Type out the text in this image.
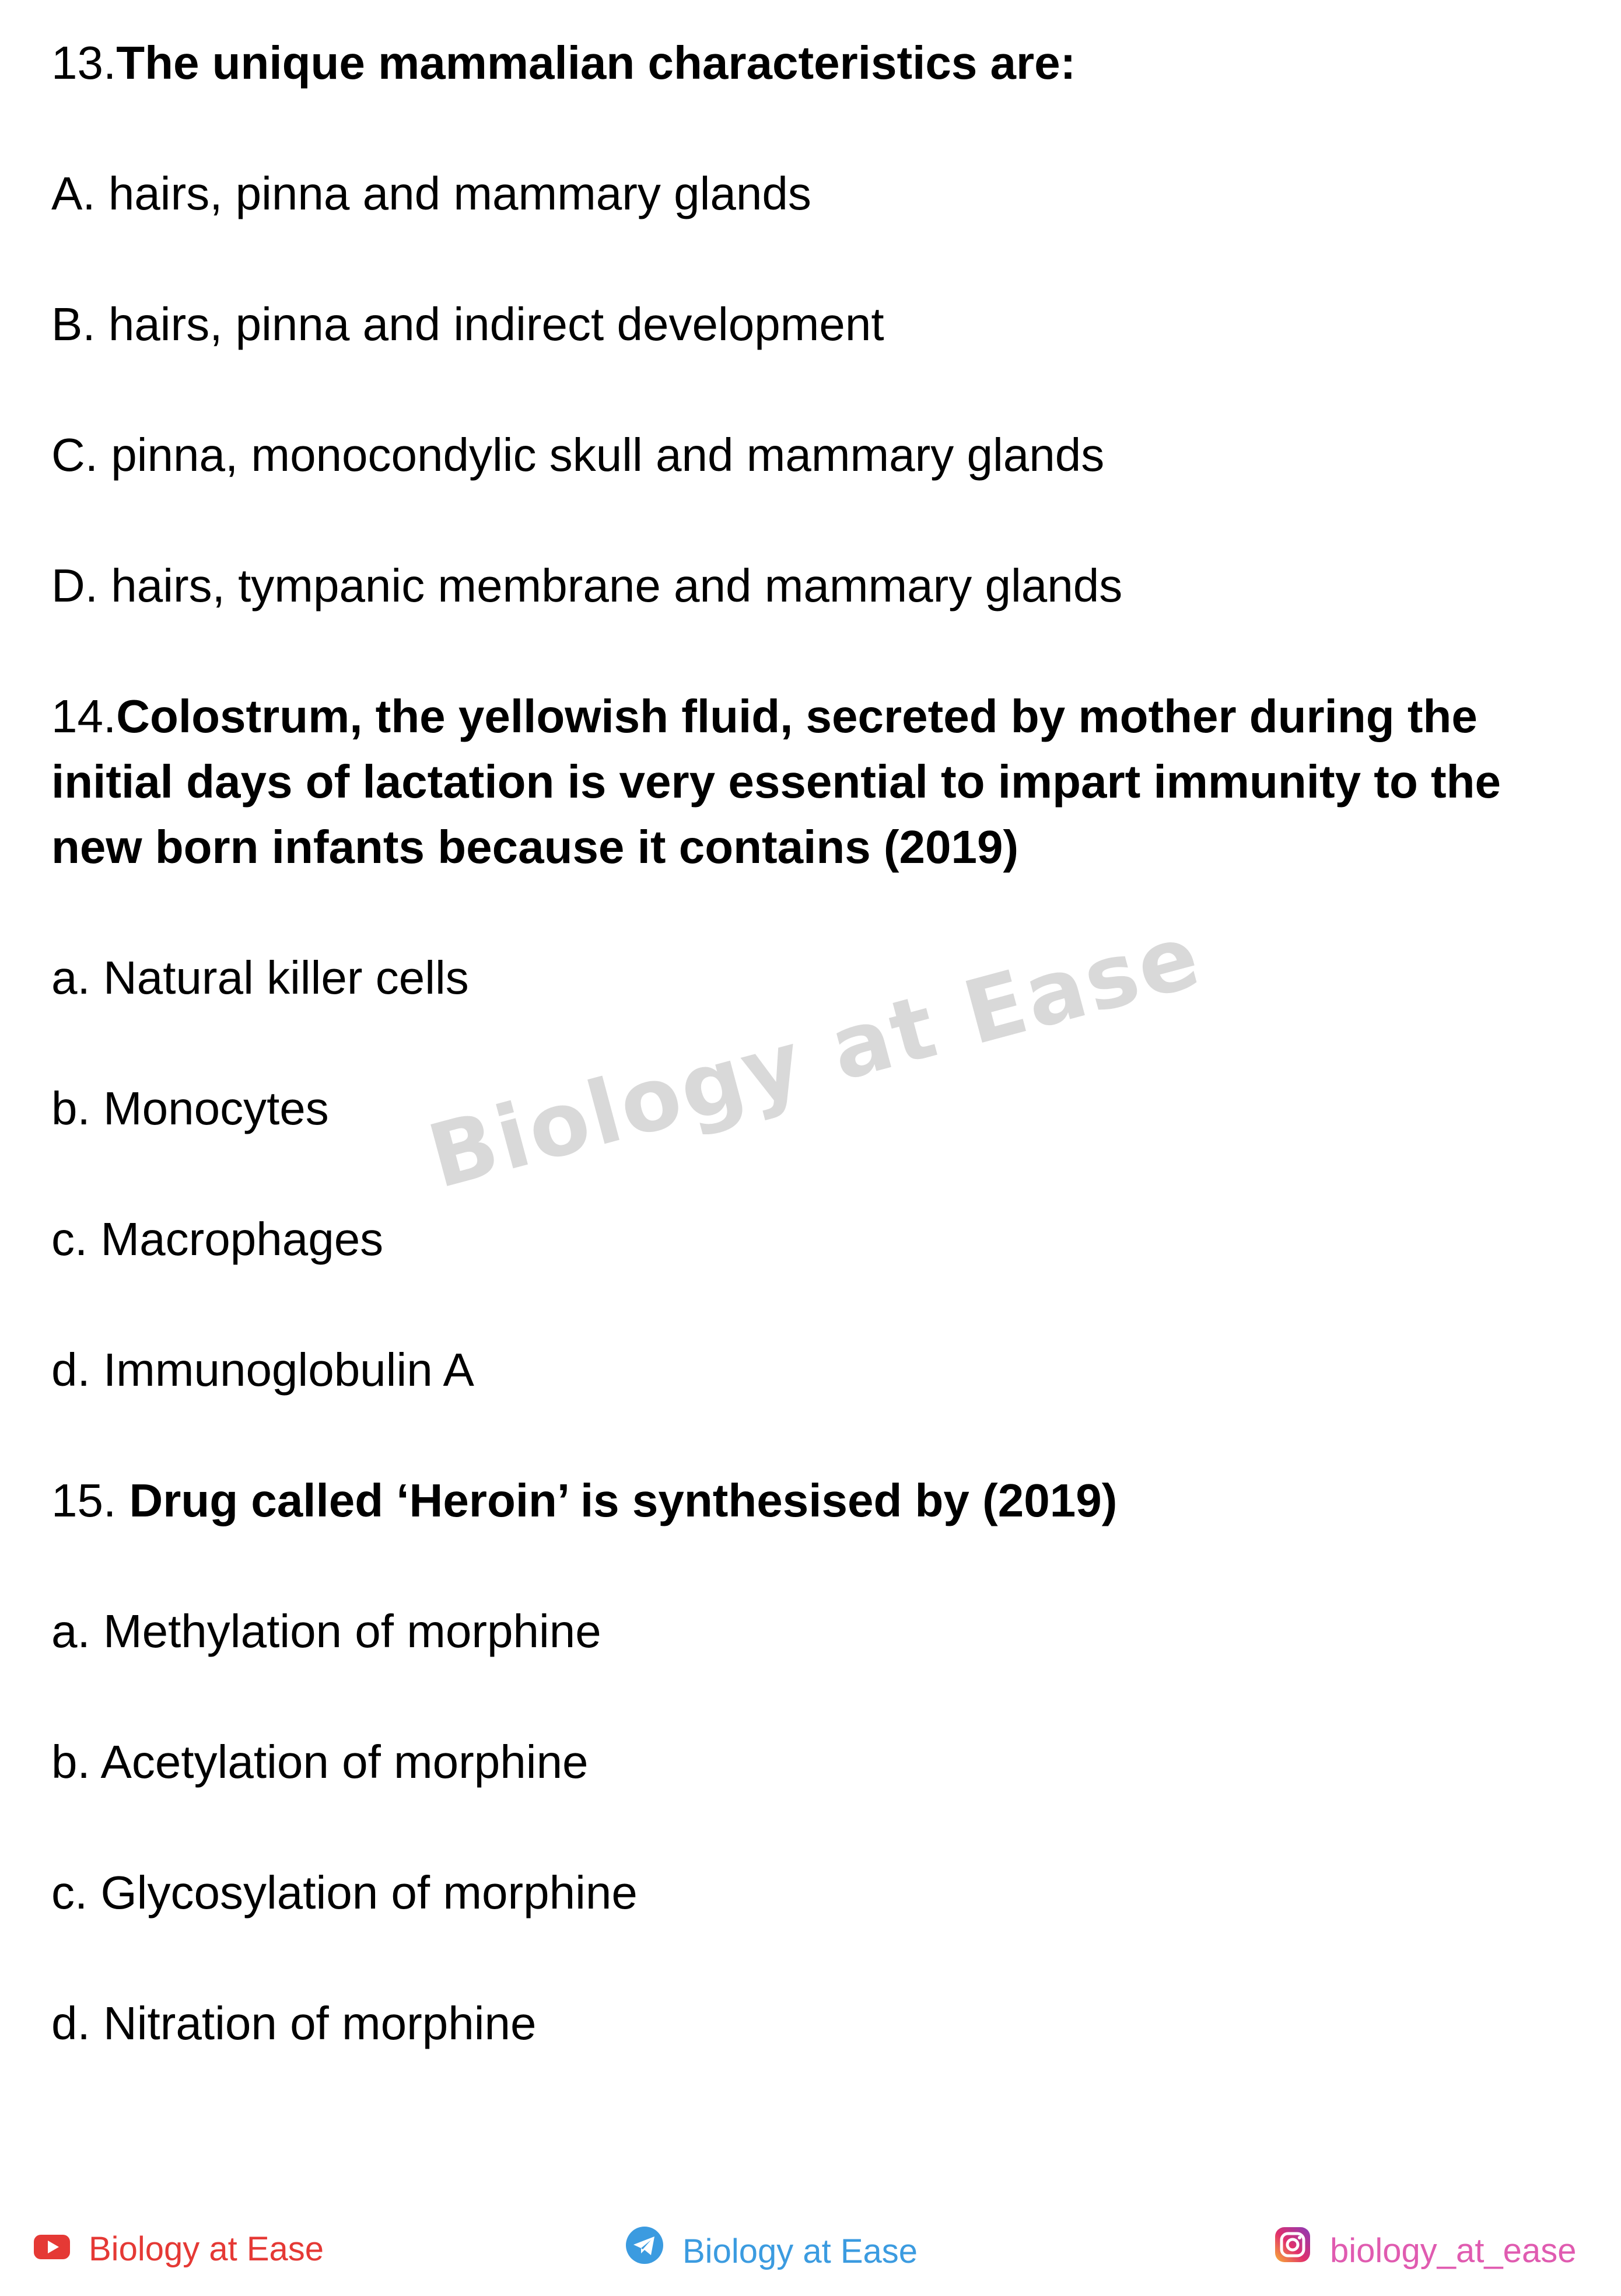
13.The unique mammalian characteristics are:
A. hairs, pinna and mammary glands
B. hairs, pinna and indirect development
C. pinna, monocondylic skull and mammary glands
D. hairs, tympanic membrane and mammary glands
14.Colostrum, the yellowish fluid, secreted by mother during the initial days of lactation is very essential to impart immunity to the new born infants because it contains (2019)
a. Natural killer cells
b. Monocytes
c. Macrophages
d. Immunoglobulin A
15. Drug called ‘Heroin’ is synthesised by (2019)
a. Methylation of morphine
b. Acetylation of morphine
c. Glycosylation of morphine
d. Nitration of morphine
Biology at Ease
Biology at Ease	Biology at Ease	biology_at_ease
